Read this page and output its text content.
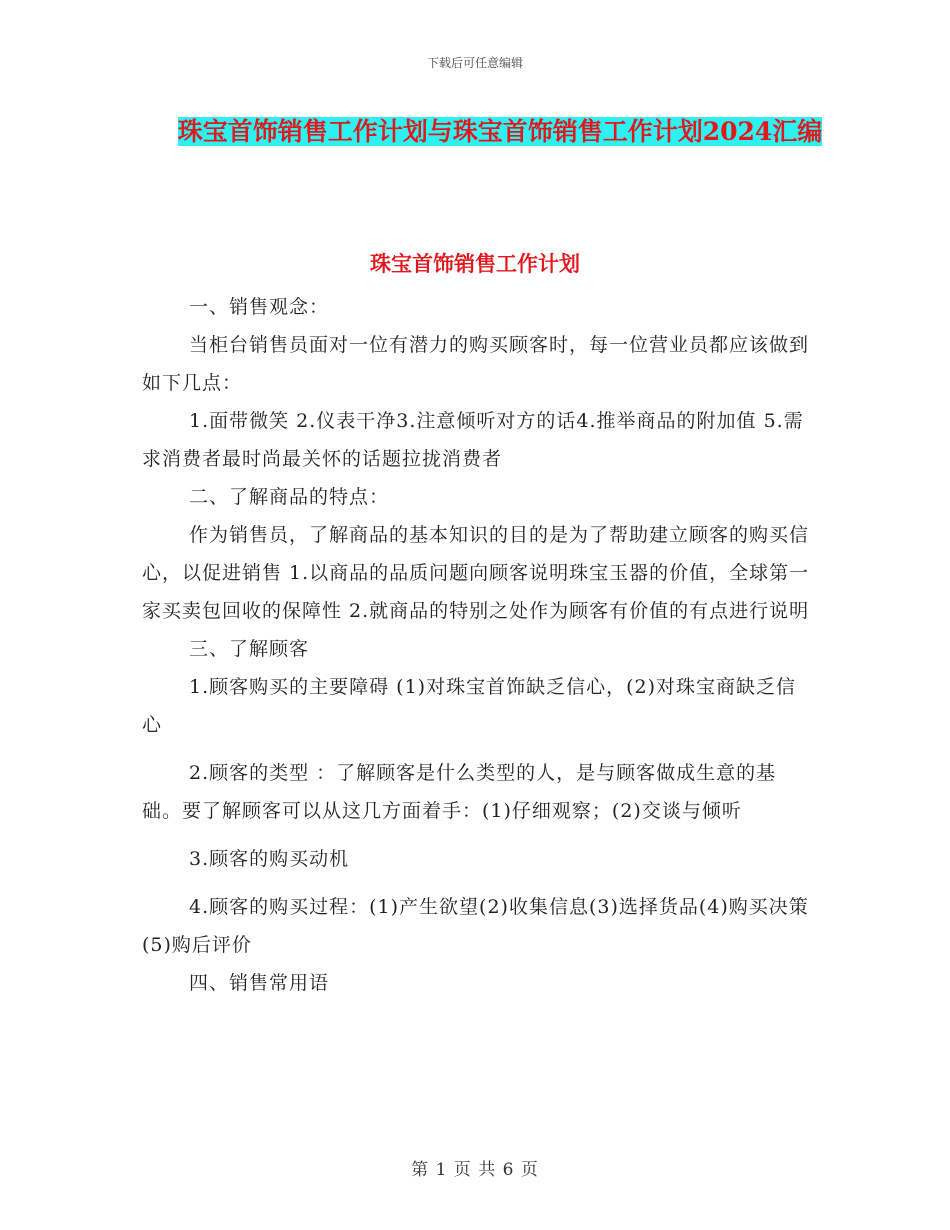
下载后可任意编辑
珠宝首饰销售工作计划与珠宝首饰销售工作计划2024汇编
珠宝首饰销售工作计划

一、销售观念：

当柜台销售员面对一位有潜力的购买顾客时，每一位营业员都应该做到如下几点：

1.面带微笑 2.仪表干净3.注意倾听对方的话4.推举商品的附加值 5.需求消费者最时尚最关怀的话题拉拢消费者

二、了解商品的特点：

作为销售员，了解商品的基本知识的目的是为了帮助建立顾客的购买信心，以促进销售 1.以商品的品质问题向顾客说明珠宝玉器的价值，全球第一家买卖包回收的保障性 2.就商品的特别之处作为顾客有价值的有点进行说明

三、了解顾客

1.顾客购买的主要障碍 (1)对珠宝首饰缺乏信心，(2)对珠宝商缺乏信心

2.顾客的类型 ：了解顾客是什么类型的人，是与顾客做成生意的基础。要了解顾客可以从这几方面着手：(1)仔细观察；(2)交谈与倾听

3.顾客的购买动机

4.顾客的购买过程：(1)产生欲望(2)收集信息(3)选择货品(4)购买决策(5)购后评价

四、销售常用语

第 1 页 共 6 页
